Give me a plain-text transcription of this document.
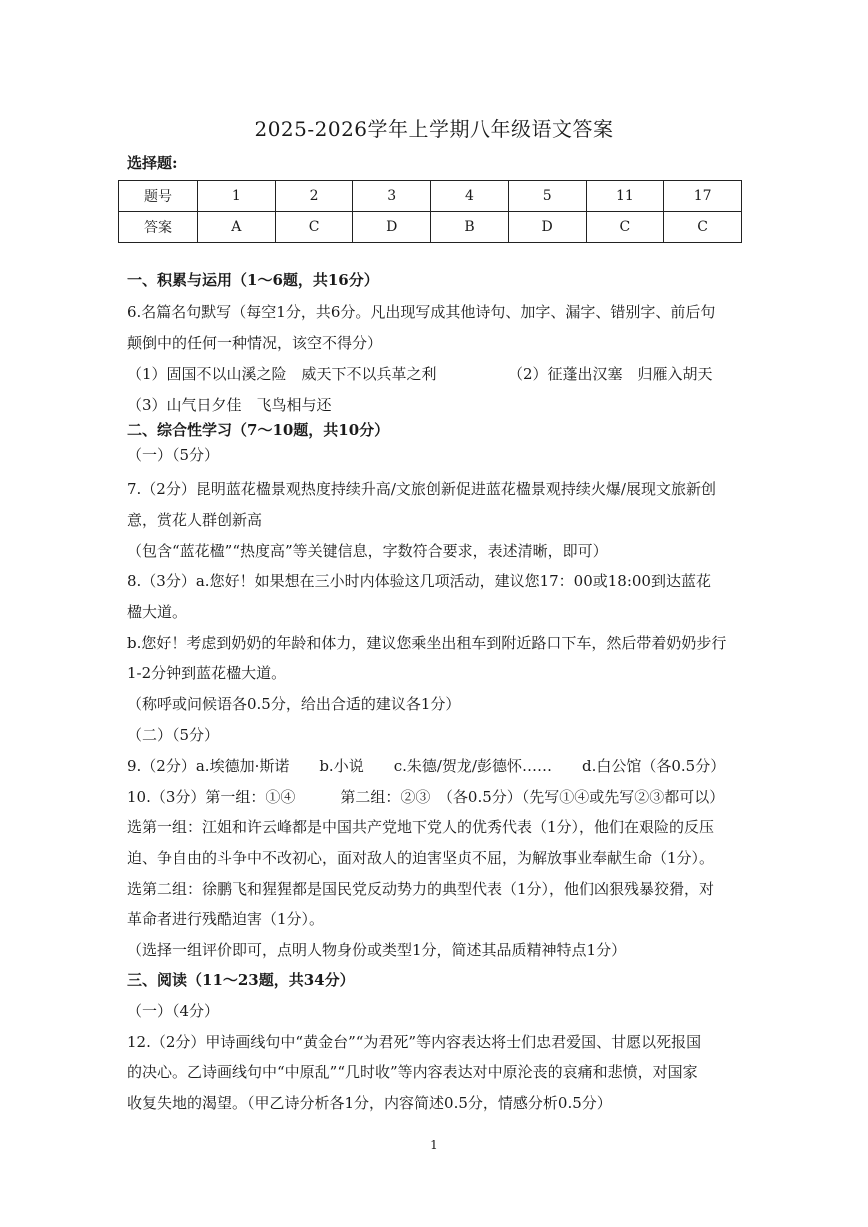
2025-2026学年上学期八年级语文答案
选择题:
题号	1	2	3	4	5	11	17
答案	A	C	D	B	D	C	C
一、积累与运用（1～6题，共16分）
6.名篇名句默写（每空1分，共6分。凡出现写成其他诗句、加字、漏字、错别字、前后句
颠倒中的任何一种情况，该空不得分）
（1）固国不以山溪之险　威天下不以兵革之利	（2）征蓬出汉塞　归雁入胡天
（3）山气日夕佳　飞鸟相与还
二、综合性学习（7～10题，共10分）
（一）（5分）
7.（2分）昆明蓝花楹景观热度持续升高/文旅创新促进蓝花楹景观持续火爆/展现文旅新创
意，赏花人群创新高
（包含“蓝花楹”“热度高”等关键信息，字数符合要求，表述清晰，即可）
8.（3分）a.您好！如果想在三小时内体验这几项活动，建议您17：00或18:00到达蓝花
楹大道。
b.您好！考虑到奶奶的年龄和体力，建议您乘坐出租车到附近路口下车，然后带着奶奶步行
1-2分钟到蓝花楹大道。
（称呼或问候语各0.5分，给出合适的建议各1分）
（二）（5分）
9.（2分）a.埃德加·斯诺　　b.小说　　c.朱德/贺龙/彭德怀……　　d.白公馆（各0.5分）
10.（3分）第一组：①④　　　第二组：②③　（各0.5分）（先写①④或先写②③都可以）
选第一组：江姐和许云峰都是中国共产党地下党人的优秀代表（1分），他们在艰险的反压
迫、争自由的斗争中不改初心，面对敌人的迫害坚贞不屈，为解放事业奉献生命（1分）。
选第二组：徐鹏飞和猩猩都是国民党反动势力的典型代表（1分），他们凶狠残暴狡猾，对
革命者进行残酷迫害（1分）。
（选择一组评价即可，点明人物身份或类型1分，简述其品质精神特点1分）
三、阅读（11～23题，共34分）
（一）（4分）
12.（2分）甲诗画线句中“黄金台”“为君死”等内容表达将士们忠君爱国、甘愿以死报国
的决心。乙诗画线句中“中原乱”“几时收”等内容表达对中原沦丧的哀痛和悲愤，对国家
收复失地的渴望。（甲乙诗分析各1分，内容简述0.5分，情感分析0.5分）
1
